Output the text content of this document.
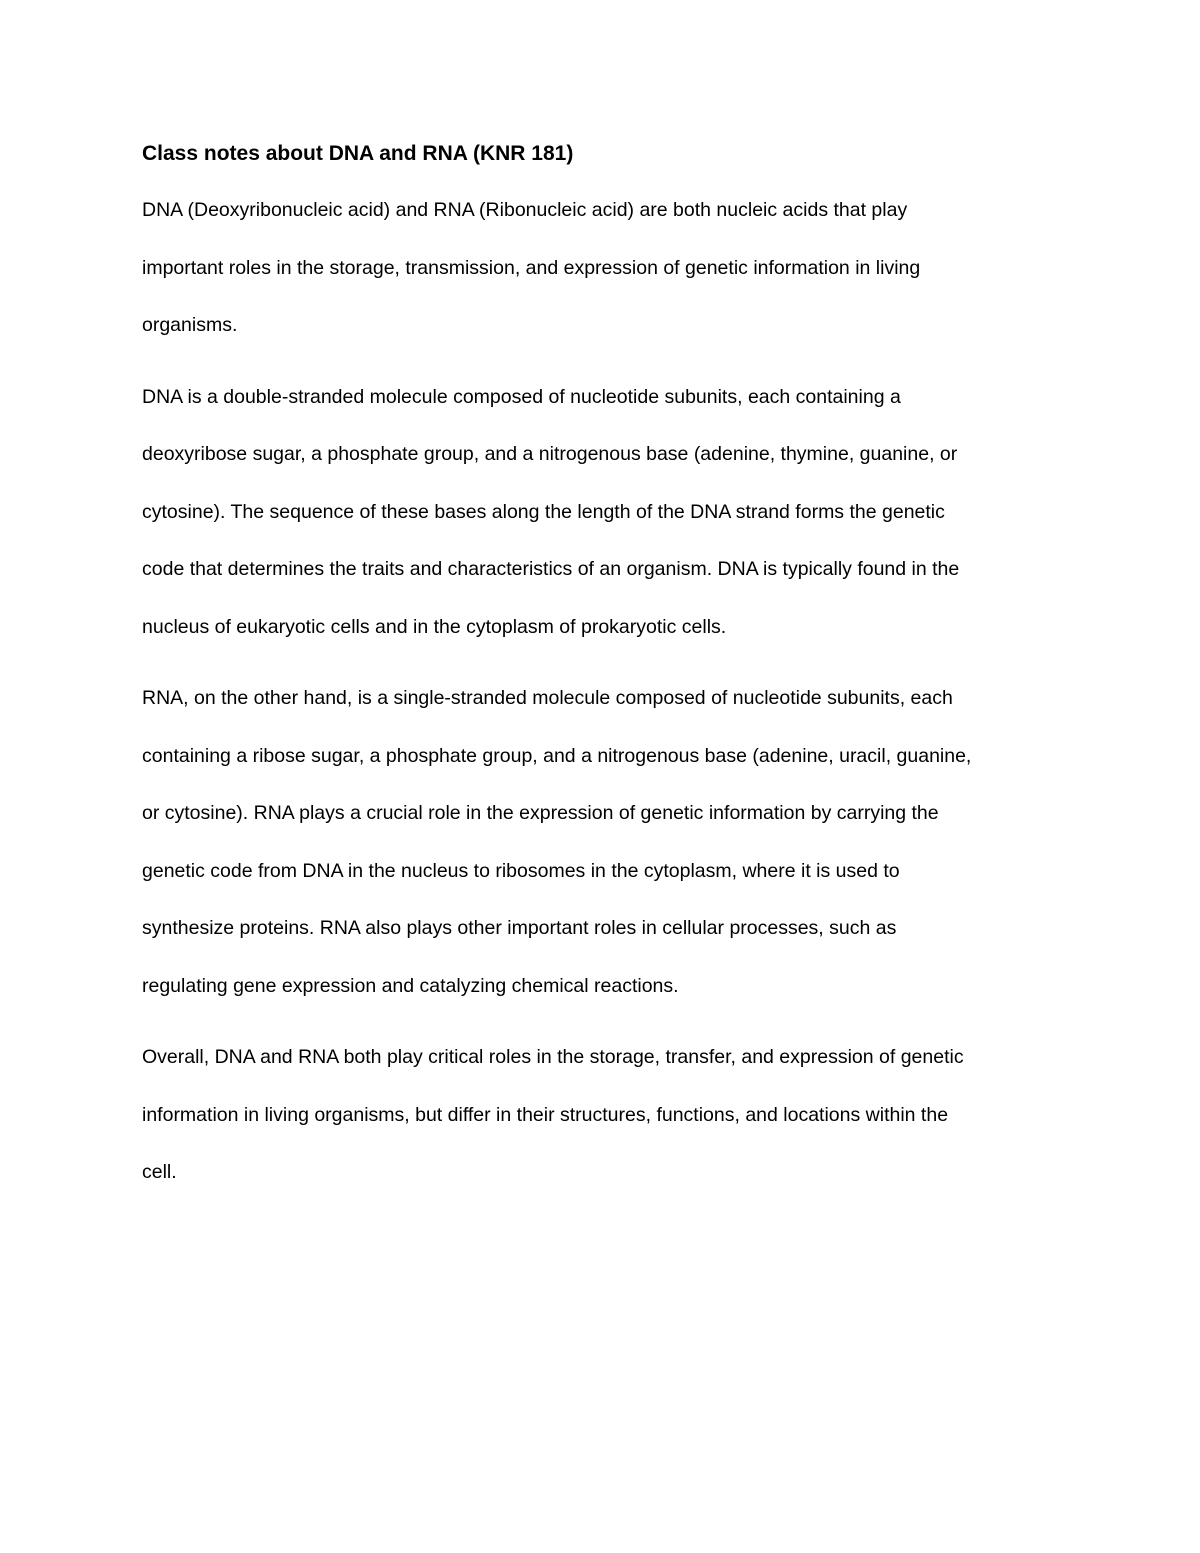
Class notes about DNA and RNA (KNR 181)
DNA (Deoxyribonucleic acid) and RNA (Ribonucleic acid) are both nucleic acids that play
important roles in the storage, transmission, and expression of genetic information in living
organisms.
DNA is a double-stranded molecule composed of nucleotide subunits, each containing a
deoxyribose sugar, a phosphate group, and a nitrogenous base (adenine, thymine, guanine, or
cytosine). The sequence of these bases along the length of the DNA strand forms the genetic
code that determines the traits and characteristics of an organism. DNA is typically found in the
nucleus of eukaryotic cells and in the cytoplasm of prokaryotic cells.
RNA, on the other hand, is a single-stranded molecule composed of nucleotide subunits, each
containing a ribose sugar, a phosphate group, and a nitrogenous base (adenine, uracil, guanine,
or cytosine). RNA plays a crucial role in the expression of genetic information by carrying the
genetic code from DNA in the nucleus to ribosomes in the cytoplasm, where it is used to
synthesize proteins. RNA also plays other important roles in cellular processes, such as
regulating gene expression and catalyzing chemical reactions.
Overall, DNA and RNA both play critical roles in the storage, transfer, and expression of genetic
information in living organisms, but differ in their structures, functions, and locations within the
cell.
